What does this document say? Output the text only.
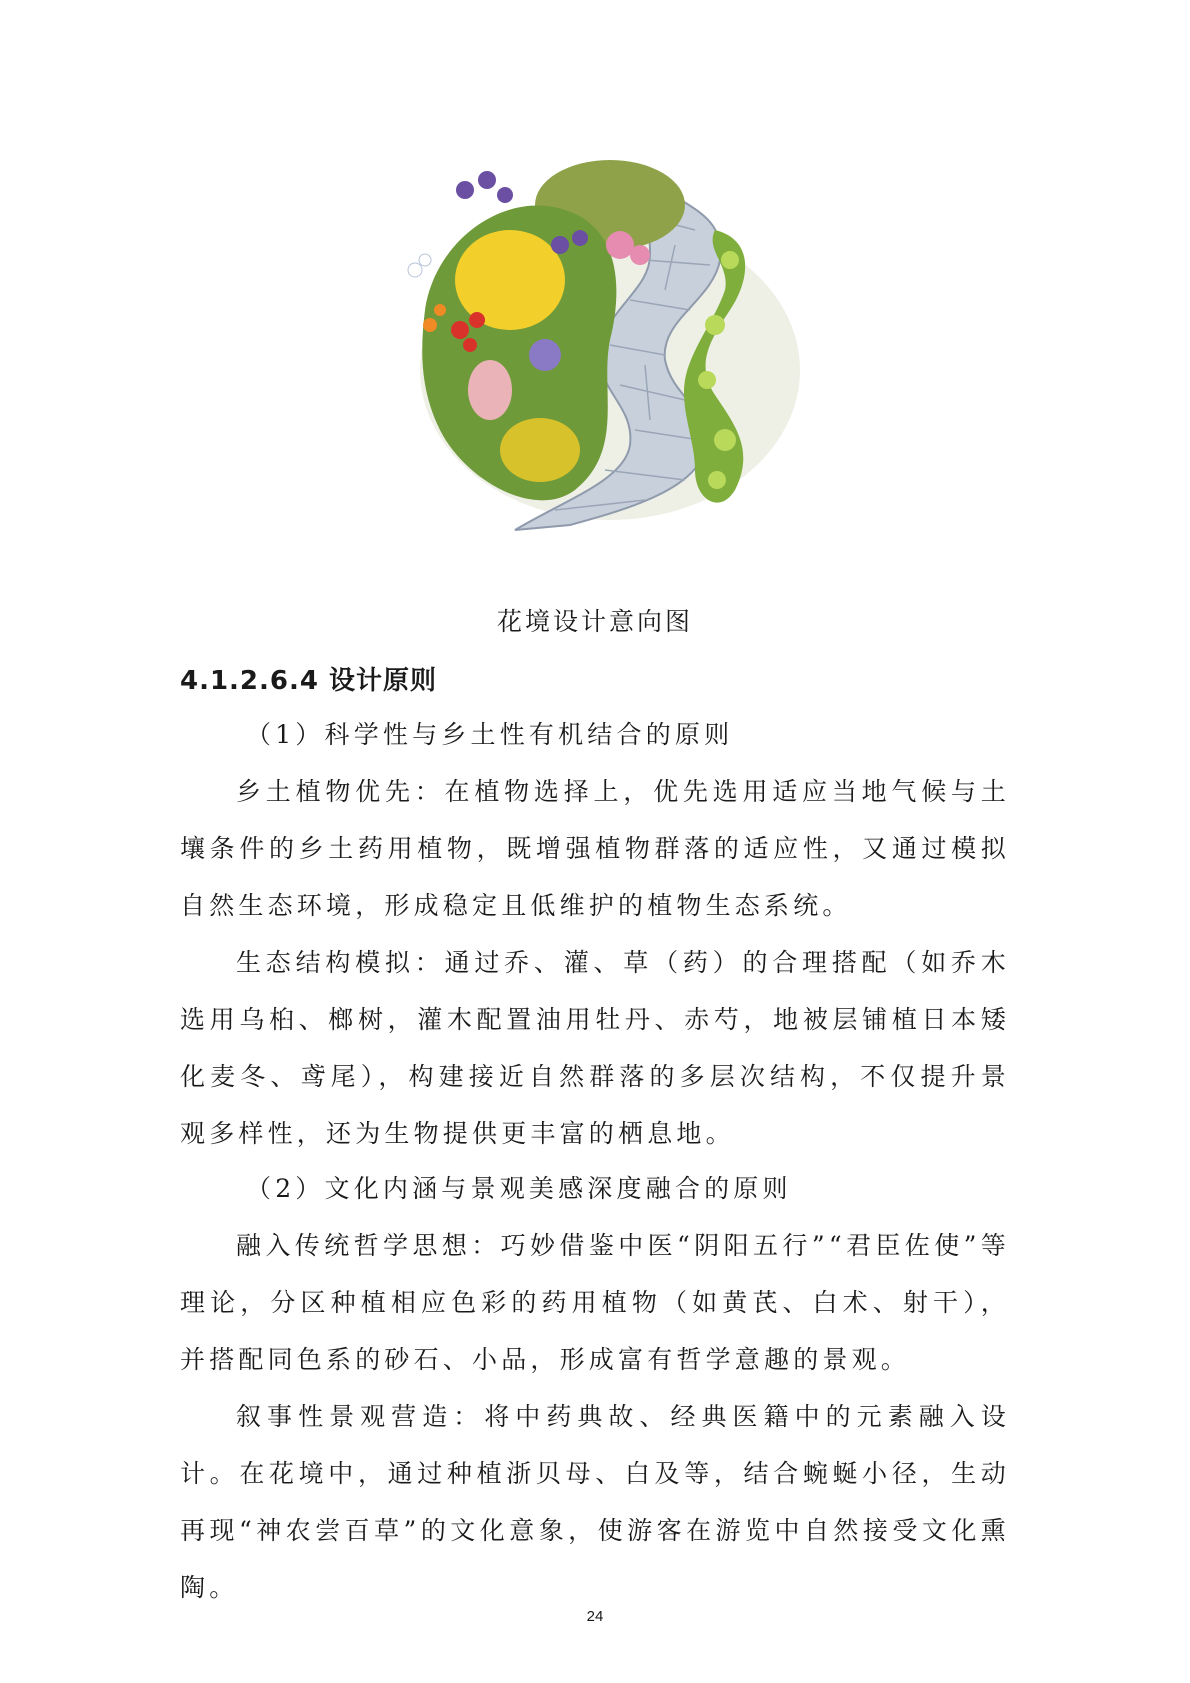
花境设计意向图
4.1.2.6.4 设计原则

（1）科学性与乡土性有机结合的原则

乡土植物优先：在植物选择上，优先选用适应当地气候与土壤条件的乡土药用植物，既增强植物群落的适应性，又通过模拟自然生态环境，形成稳定且低维护的植物生态系统。

生态结构模拟：通过乔、灌、草（药）的合理搭配（如乔木选用乌桕、榔树，灌木配置油用牡丹、赤芍，地被层铺植日本矮化麦冬、鸢尾），构建接近自然群落的多层次结构，不仅提升景观多样性，还为生物提供更丰富的栖息地。

（2）文化内涵与景观美感深度融合的原则

融入传统哲学思想：巧妙借鉴中医“阴阳五行”“君臣佐使”等理论，分区种植相应色彩的药用植物（如黄芪、白术、射干），并搭配同色系的砂石、小品，形成富有哲学意趣的景观。

叙事性景观营造：将中药典故、经典医籍中的元素融入设计。在花境中，通过种植浙贝母、白及等，结合蜿蜒小径，生动再现“神农尝百草”的文化意象，使游客在游览中自然接受文化熏陶。

24
